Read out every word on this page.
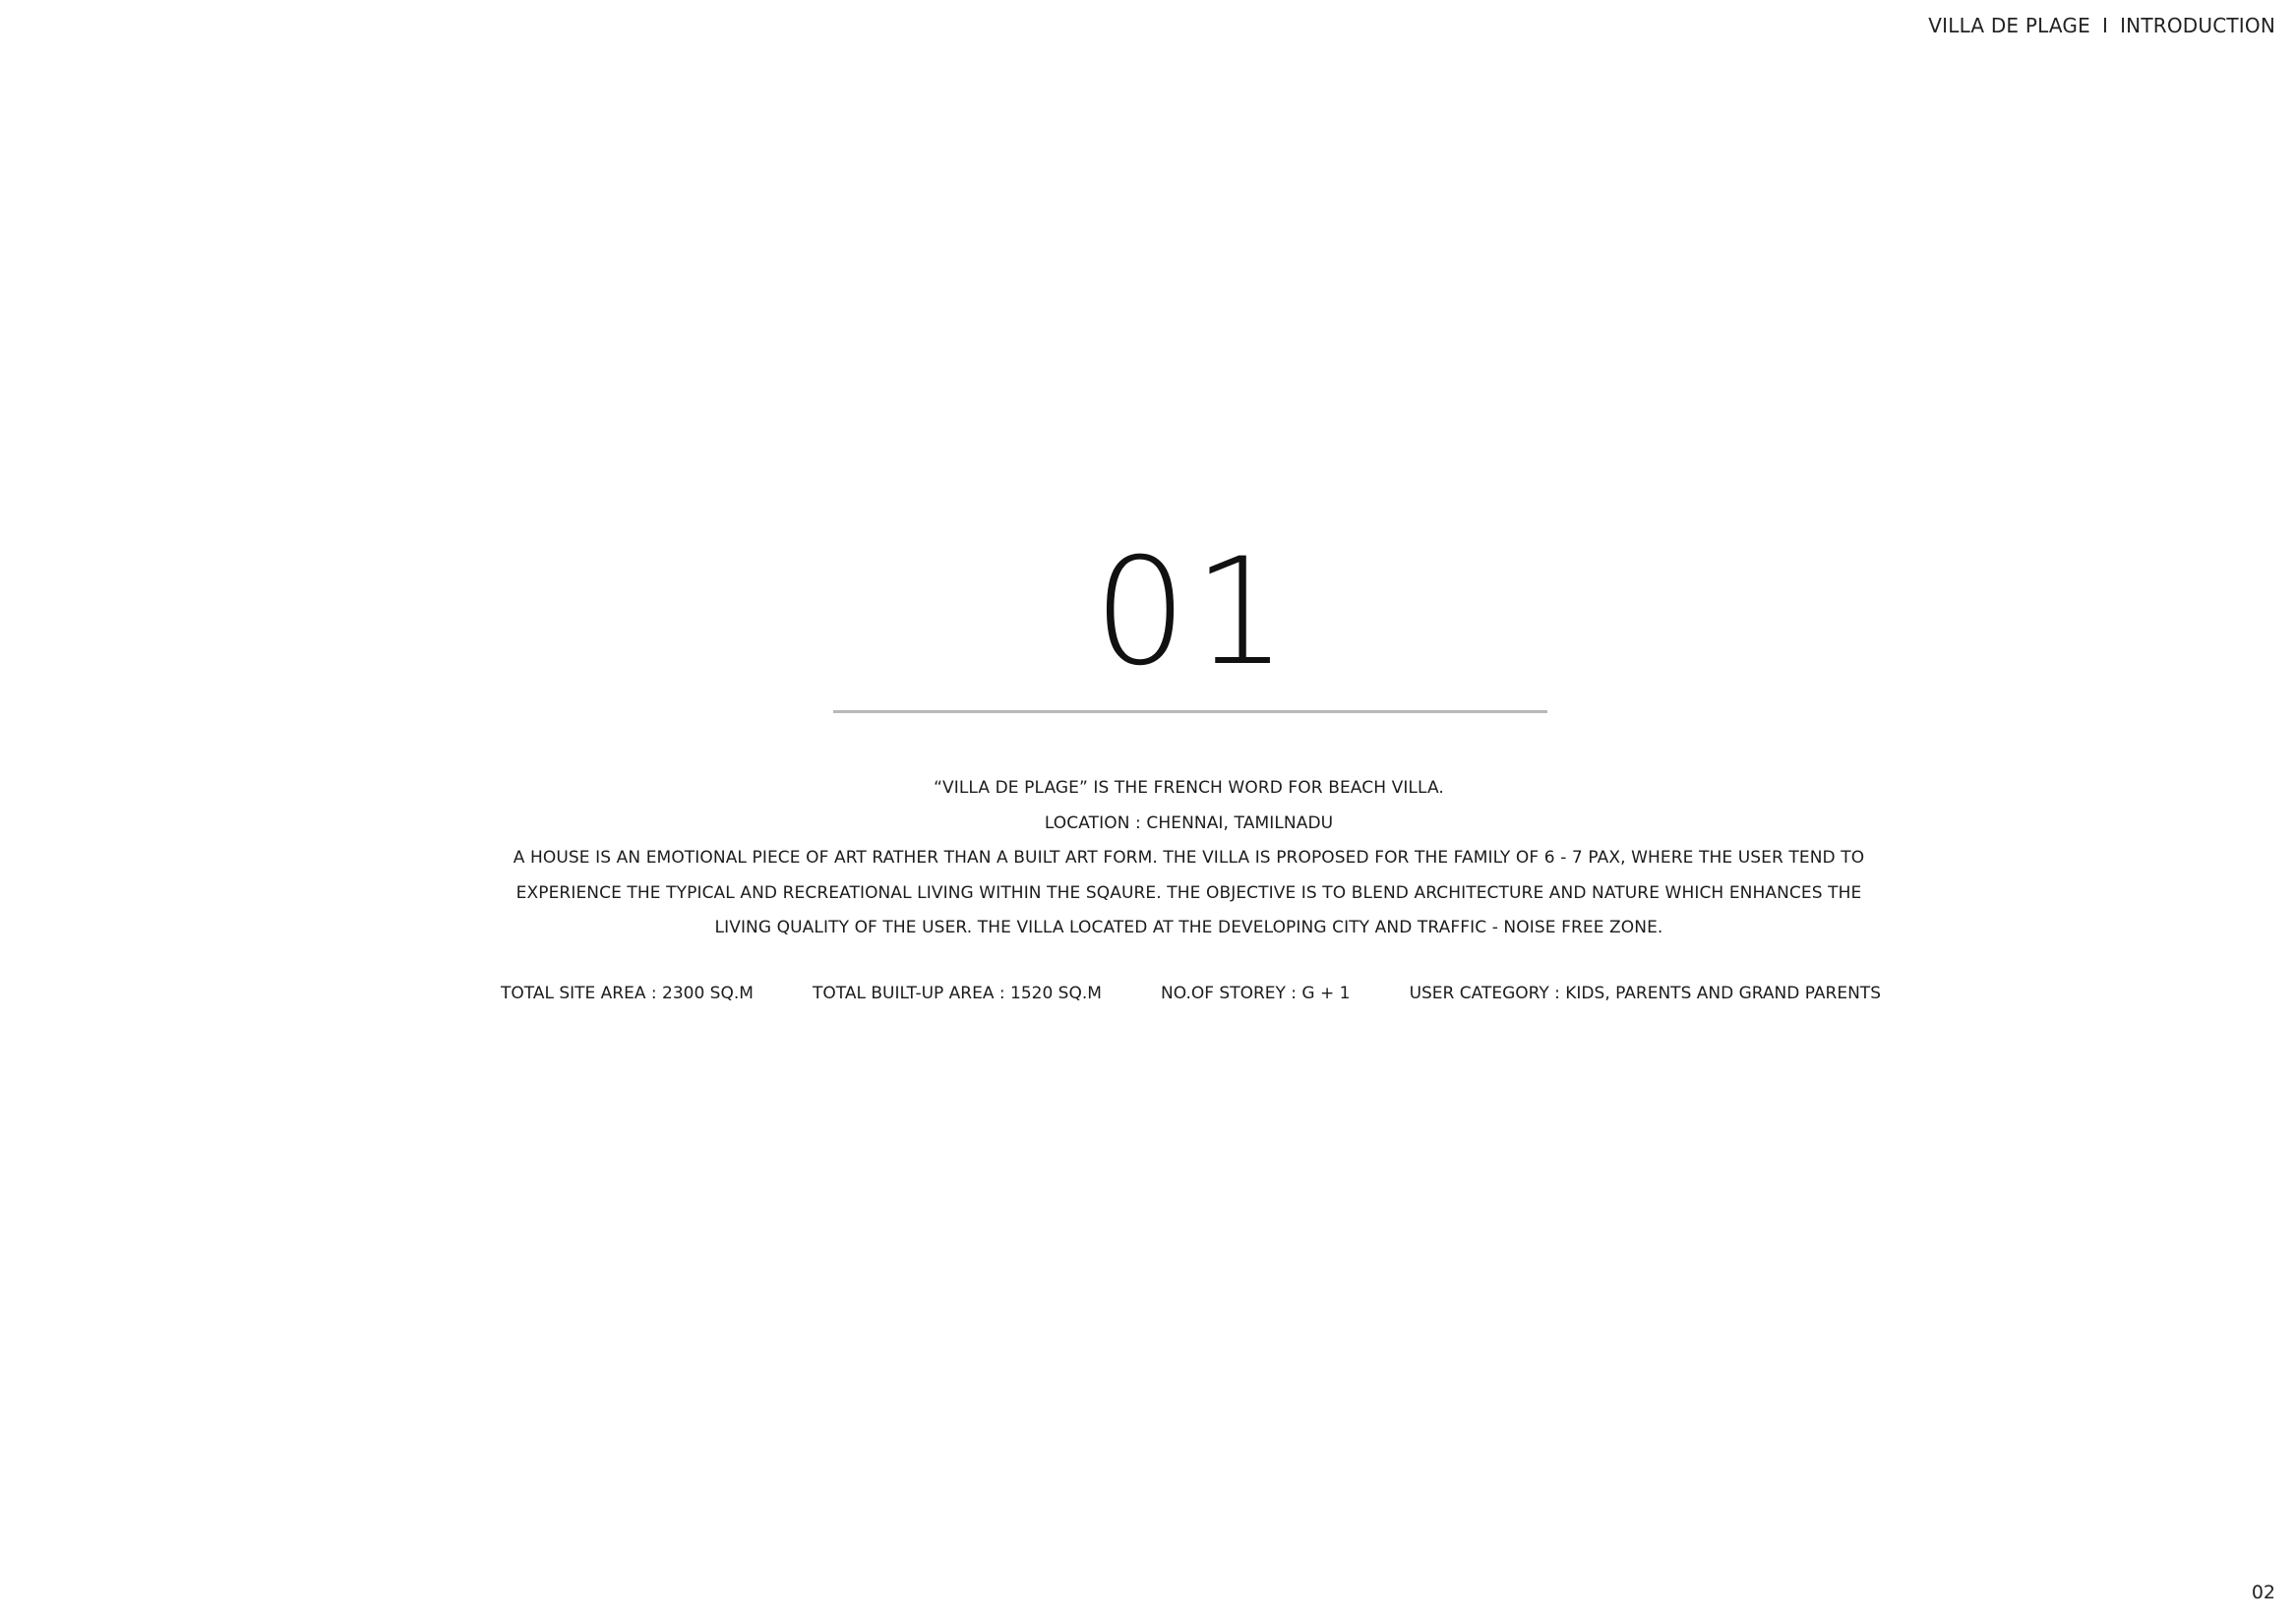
VILLA DE PLAGE I INTRODUCTION
01

“VILLA DE PLAGE” IS THE FRENCH WORD FOR BEACH VILLA.

LOCATION : CHENNAI, TAMILNADU

A HOUSE IS AN EMOTIONAL PIECE OF ART RATHER THAN A BUILT ART FORM. THE VILLA IS PROPOSED FOR THE FAMILY OF 6 - 7 PAX, WHERE THE USER TEND TO EXPERIENCE THE TYPICAL AND RECREATIONAL LIVING WITHIN THE SQAURE. THE OBJECTIVE IS TO BLEND ARCHITECTURE AND NATURE WHICH ENHANCES THE LIVING QUALITY OF THE USER. THE VILLA LOCATED AT THE DEVELOPING CITY AND TRAFFIC - NOISE FREE ZONE.

TOTAL SITE AREA : 2300 SQ.M	TOTAL BUILT-UP AREA : 1520 SQ.M	NO.OF STOREY : G + 1	USER CATEGORY : KIDS, PARENTS AND GRAND PARENTS
02
